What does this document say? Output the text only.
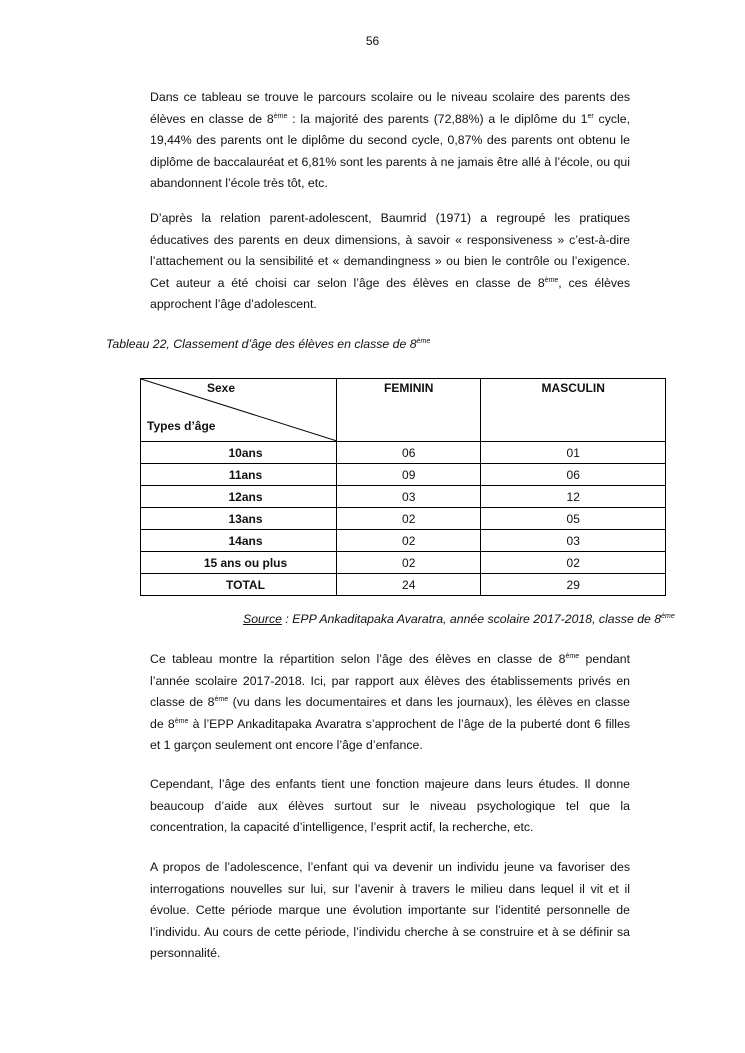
56

Dans ce tableau se trouve le parcours scolaire ou le niveau scolaire des parents des élèves en classe de 8ème : la majorité des parents (72,88%) a le diplôme du 1er cycle, 19,44% des parents ont le diplôme du second cycle, 0,87% des parents ont obtenu le diplôme de baccalauréat et 6,81% sont les parents à ne jamais être allé à l’école, ou qui abandonnent l’école très tôt, etc.

D’après la relation parent-adolescent, Baumrid (1971) a regroupé les pratiques éducatives des parents en deux dimensions, à savoir « responsiveness » c’est-à-dire l’attachement ou la sensibilité et « demandingness » ou bien le contrôle ou l’exigence. Cet auteur a été choisi car selon l’âge des élèves en classe de 8ème, ces élèves approchent l’âge d’adolescent.

Tableau 22, Classement d’âge des élèves en classe de 8ème
Sexe
Types d’âge	FEMININ	MASCULIN
10ans	06	01
11ans	09	06
12ans	03	12
13ans	02	05
14ans	02	03
15 ans ou plus	02	02
TOTAL	24	29
Source : EPP Ankaditapaka Avaratra, année scolaire 2017-2018, classe de 8ème

Ce tableau montre la répartition selon l’âge des élèves en classe de 8ème pendant l’année scolaire 2017-2018. Ici, par rapport aux élèves des établissements privés en classe de 8ème (vu dans les documentaires et dans les journaux), les élèves en classe de 8ème à l’EPP Ankaditapaka Avaratra s’approchent de l’âge de la puberté dont 6 filles et 1 garçon seulement ont encore l’âge d’enfance.

Cependant, l’âge des enfants tient une fonction majeure dans leurs études. Il donne beaucoup d’aide aux élèves surtout sur le niveau psychologique tel que la concentration, la capacité d’intelligence, l’esprit actif, la recherche, etc.

A propos de l’adolescence, l’enfant qui va devenir un individu jeune va favoriser des interrogations nouvelles sur lui, sur l’avenir à travers le milieu dans lequel il vit et il évolue. Cette période marque une évolution importante sur l’identité personnelle de l’individu. Au cours de cette période, l’individu cherche à se construire et à se définir sa personnalité.
